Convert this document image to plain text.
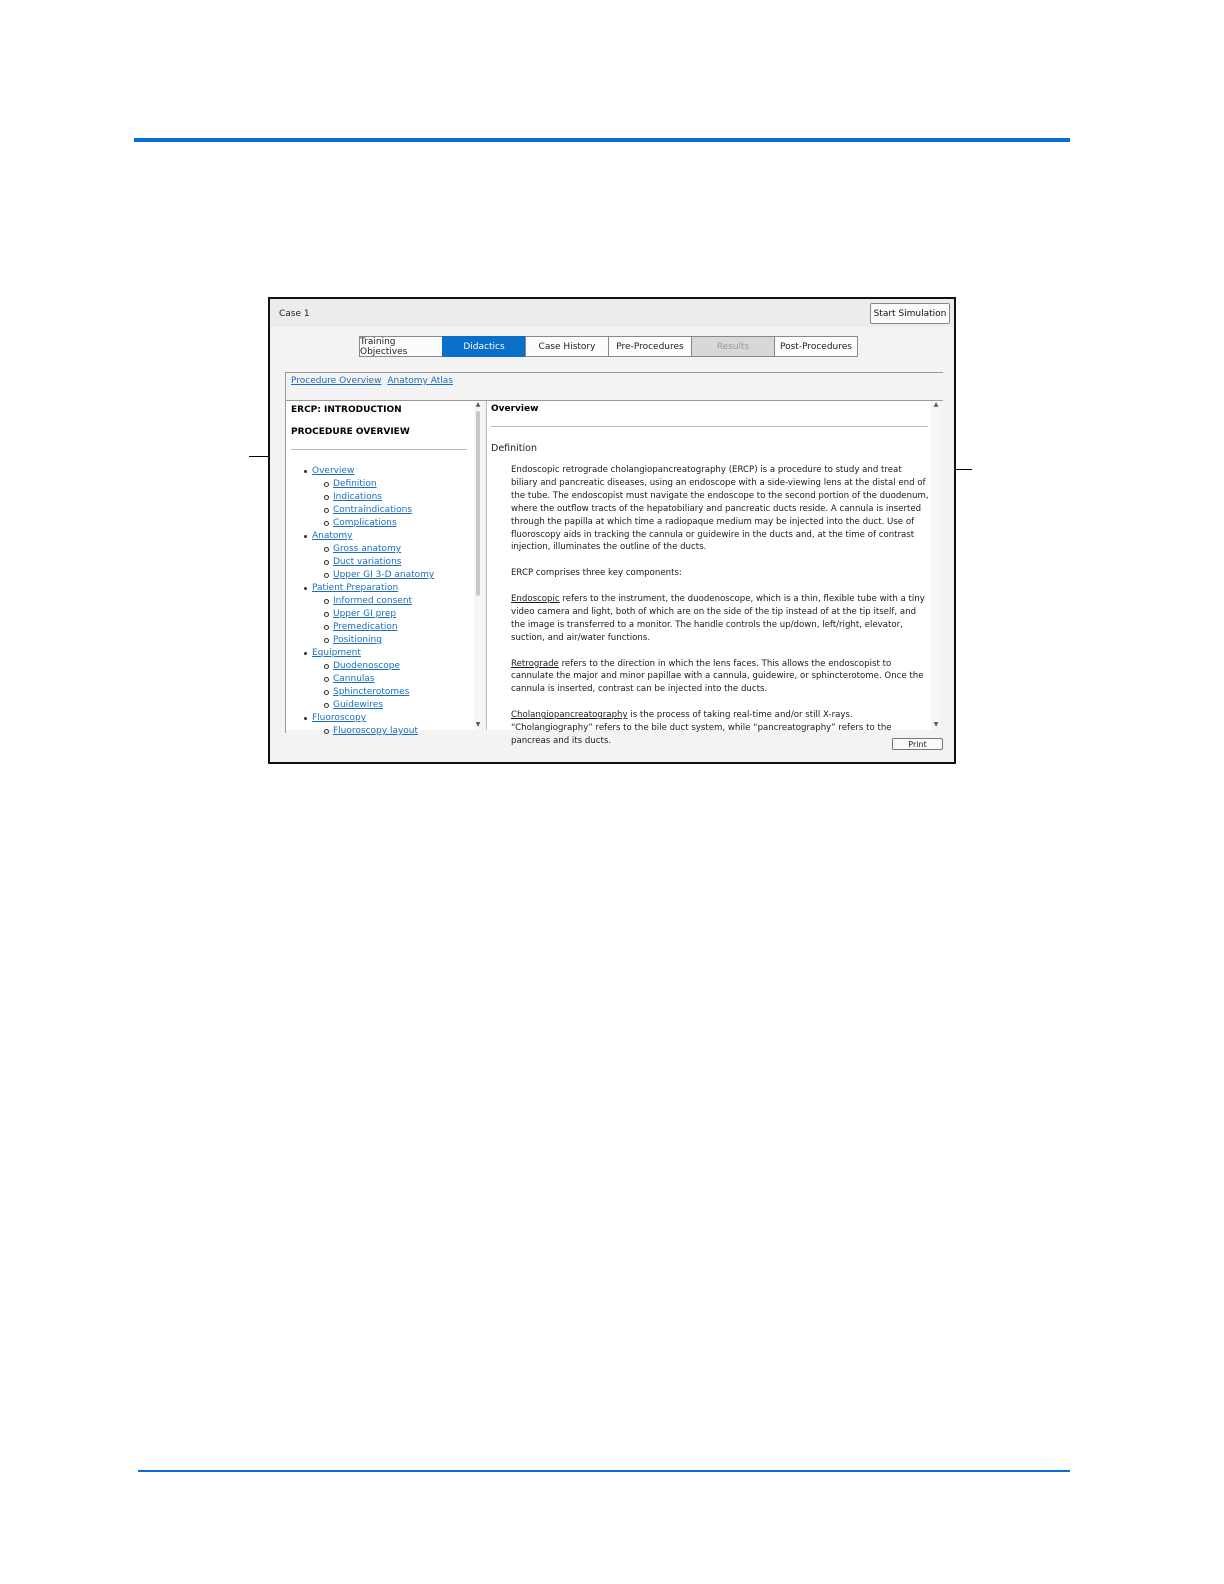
Case 1	Start Simulation
Training Objectives	Didactics	Case History	Pre-Procedures	Results	Post-Procedures
Procedure Overview Anatomy Atlas
ERCP: INTRODUCTION
PROCEDURE OVERVIEW
Overview
Definition
Indications
Contraindications
Complications
Anatomy
Gross anatomy
Duct variations
Upper GI 3-D anatomy
Patient Preparation
Informed consent
Upper GI prep
Premedication
Positioning
Equipment
Duodenoscope
Cannulas
Sphincterotomes
Guidewires
Fluoroscopy
Fluoroscopy layout
▲
▼
Overview
Definition

Endoscopic retrograde cholangiopancreatography (ERCP) is a procedure to study and treat biliary and pancreatic diseases, using an endoscope with a side-viewing lens at the distal end of the tube. The endoscopist must navigate the endoscope to the second portion of the duodenum, where the outflow tracts of the hepatobiliary and pancreatic ducts reside. A cannula is inserted through the papilla at which time a radiopaque medium may be injected into the duct. Use of fluoroscopy aids in tracking the cannula or guidewire in the ducts and, at the time of contrast injection, illuminates the outline of the ducts.

ERCP comprises three key components:

Endoscopic refers to the instrument, the duodenoscope, which is a thin, flexible tube with a tiny video camera and light, both of which are on the side of the tip instead of at the tip itself, and the image is transferred to a monitor. The handle controls the up/down, left/right, elevator, suction, and air/water functions.

Retrograde refers to the direction in which the lens faces. This allows the endoscopist to cannulate the major and minor papillae with a cannula, guidewire, or sphincterotome. Once the cannula is inserted, contrast can be injected into the ducts.

Cholangiopancreatography is the process of taking real-time and/or still X-rays. “Cholangiography” refers to the bile duct system, while “pancreatography” refers to the pancreas and its ducts.

▲
▼
Print
